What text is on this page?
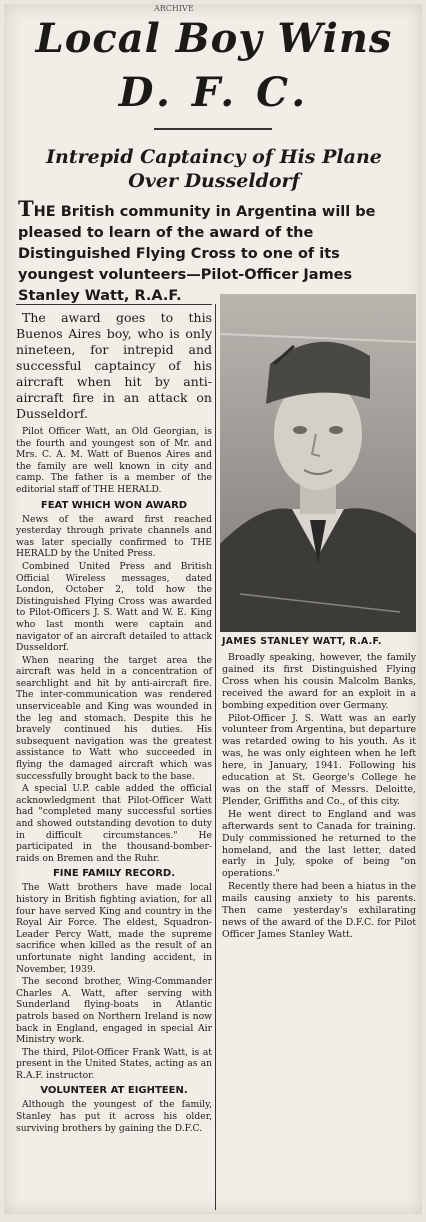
ARCHIVE
Local Boy Wins
D. F. C.
Intrepid Captaincy of His Plane
Over Dusseldorf

THE British community in Argentina will be pleased to learn of the award of the Distinguished Flying Cross to one of its youngest volunteers—Pilot-Officer James Stanley Watt, R.A.F.

The award goes to this Buenos Aires boy, who is only nineteen, for intrepid and successful captaincy of his aircraft when hit by anti-aircraft fire in an attack on Dusseldorf.

Pilot Officer Watt, an Old Georgian, is the fourth and youngest son of Mr. and Mrs. C. A. M. Watt of Buenos Aires and the family are well known in city and camp. The father is a member of the editorial staff of THE HERALD.

FEAT WHICH WON AWARD

News of the award first reached yesterday through private channels and was later specially confirmed to THE HERALD by the United Press.

Combined United Press and British Official Wireless messages, dated London, October 2, told how the Distinguished Flying Cross was awarded to Pilot-Officers J. S. Watt and W. E. King who last month were captain and navigator of an aircraft detailed to attack Dusseldorf.

When nearing the target area the aircraft was held in a concentration of searchlight and hit by anti-aircraft fire. The inter-communication was rendered unserviceable and King was wounded in the leg and stomach. Despite this he bravely continued his duties. His subsequent navigation was the greatest assistance to Watt who succeeded in flying the damaged aircraft which was successfully brought back to the base.

A special U.P. cable added the official acknowledgment that Pilot-Officer Watt had "completed many successful sorties and showed outstanding devotion to duty in difficult circumstances." He participated in the thousand-bomber-raids on Bremen and the Ruhr.

FINE FAMILY RECORD.

The Watt brothers have made local history in British fighting aviation, for all four have served King and country in the Royal Air Force. The eldest, Squadron-Leader Percy Watt, made the supreme sacrifice when killed as the result of an unfortunate night landing accident, in November, 1939.

The second brother, Wing-Commander Charles A. Watt, after serving with Sunderland flying-boats in Atlantic patrols based on Northern Ireland is now back in England, engaged in special Air Ministry work.

The third, Pilot-Officer Frank Watt, is at present in the United States, acting as an R.A.F. instructor.

VOLUNTEER AT EIGHTEEN.

Although the youngest of the family, Stanley has put it across his older, surviving brothers by gaining the D.F.C.

JAMES STANLEY WATT, R.A.F.

Broadly speaking, however, the family gained its first Distinguished Flying Cross when his cousin Malcolm Banks, received the award for an exploit in a bombing expedition over Germany.

Pilot-Officer J. S. Watt was an early volunteer from Argentina, but departure was retarded owing to his youth. As it was, he was only eighteen when he left here, in January, 1941. Following his education at St. George's College he was on the staff of Messrs. Deloitte, Plender, Griffiths and Co., of this city.

He went direct to England and was afterwards sent to Canada for training. Duly commissioned he returned to the homeland, and the last letter, dated early in July, spoke of being "on operations."

Recently there had been a hiatus in the mails causing anxiety to his parents. Then came yesterday's exhilarating news of the award of the D.F.C. for Pilot Officer James Stanley Watt.
